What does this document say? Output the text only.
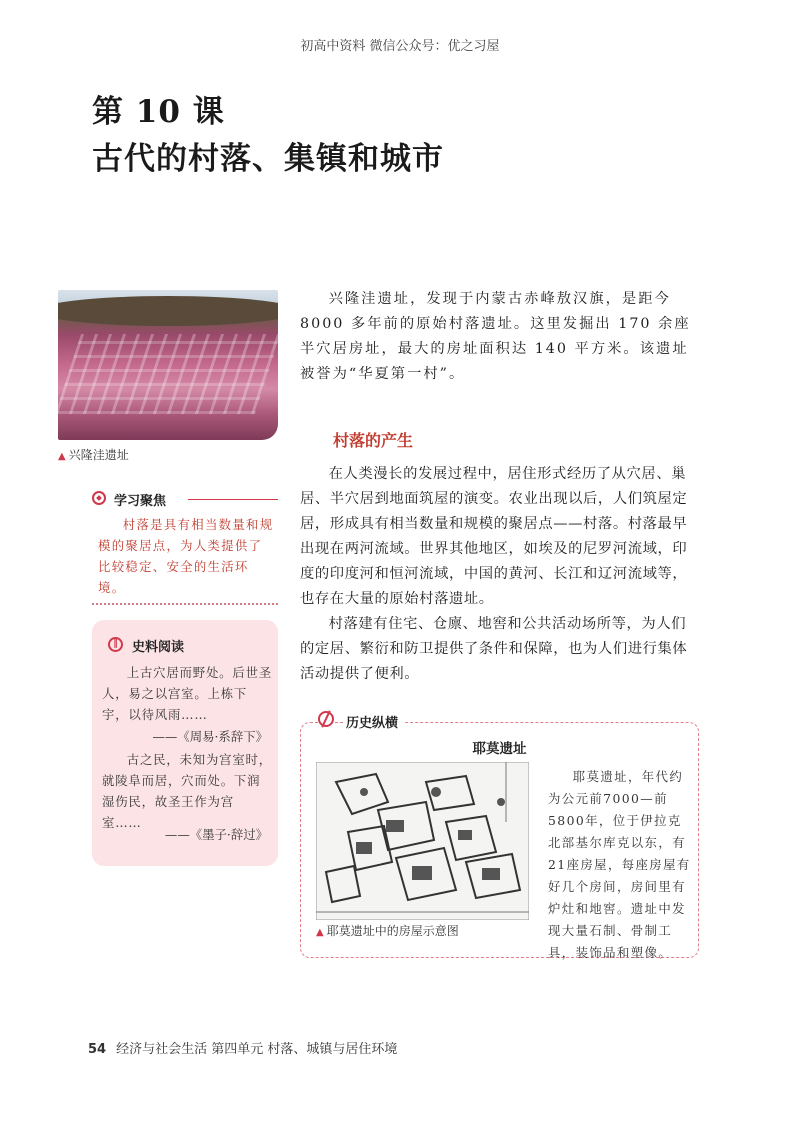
初高中资料 微信公众号：优之习屋
第 10 课
古代的村落、集镇和城市
▲ 兴隆洼遗址
兴隆洼遗址，发现于内蒙古赤峰敖汉旗，是距今8000 多年前的原始村落遗址。这里发掘出 170 余座半穴居房址，最大的房址面积达 140 平方米。该遗址被誉为“华夏第一村”。
村落的产生
在人类漫长的发展过程中，居住形式经历了从穴居、巢居、半穴居到地面筑屋的演变。农业出现以后，人们筑屋定居，形成具有相当数量和规模的聚居点——村落。村落最早出现在两河流域。世界其他地区，如埃及的尼罗河流域，印度的印度河和恒河流域，中国的黄河、长江和辽河流域等，也存在大量的原始村落遗址。
村落建有住宅、仓廪、地窖和公共活动场所等，为人们的定居、繁衍和防卫提供了条件和保障，也为人们进行集体活动提供了便利。
学习聚焦
村落是具有相当数量和规模的聚居点，为人类提供了比较稳定、安全的生活环境。
‖	史料阅读
上古穴居而野处。后世圣人，易之以宫室。上栋下宇，以待风雨……
——《周易·系辞下》
古之民，未知为宫室时，就陵阜而居，穴而处。下润湿伤民，故圣王作为宫室……
——《墨子·辞过》
历史纵横
耶莫遗址
▲ 耶莫遗址中的房屋示意图
耶莫遗址，年代约为公元前7000—前5800年，位于伊拉克北部基尔库克以东，有21座房屋，每座房屋有好几个房间，房间里有炉灶和地窖。遗址中发现大量石制、骨制工具，装饰品和塑像。
54 经济与社会生活 第四单元 村落、城镇与居住环境
